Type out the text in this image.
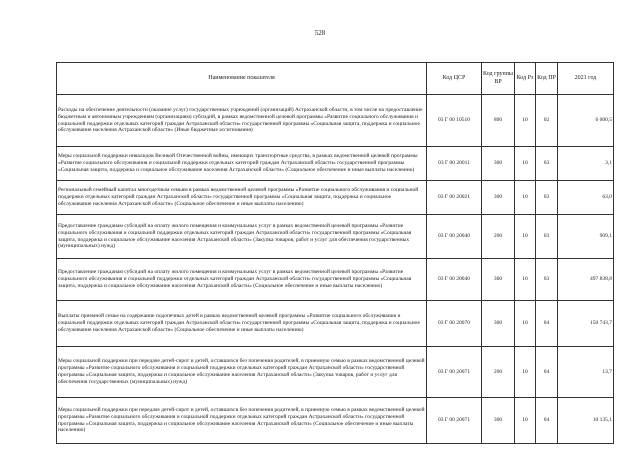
528
Наименование показателя	Код ЦСР	Код группы ВР	Код Рз	Код ПР	2021 год
Расходы на обеспечение деятельности (оказание услуг) государственных учреждений (организаций) Астраханской области, в том числе на предоставление бюджетным и автономным учреждениям (организациям) субсидий, в рамках ведомственной целевой программы «Развитие социального обслуживания и социальной поддержки отдельных категорий граждан Астраханской области» государственной программы «Социальная защита, поддержка и социальное обслуживание населения Астраханской области» (Иные бюджетные ассигнования)	03 Г 00 10510	800	10	02	6 000,5
Меры социальной поддержки инвалидов Великой Отечественной войны, имеющих транспортные средства, в рамках ведомственной целевой программы «Развитие социального обслуживания и социальной поддержки отдельных категорий граждан Астраханской области» государственной программы «Социальная защита, поддержка и социальное обслуживание населения Астраханской области» (Социальное обеспечение и иные выплаты населению)	03 Г 00 20011	300	10	03	3,1
Региональный семейный капитал многодетным семьям в рамках ведомственной целевой программы «Развитие социального обслуживания и социальной поддержки отдельных категорий граждан Астраханской области» государственной программы «Социальная защита, поддержка и социальное обслуживание населения Астраханской области» (Социальное обеспечение и иные выплаты населению)	03 Г 00 20021	300	10	03	63,0
Предоставление гражданам субсидий на оплату жилого помещения и коммунальных услуг в рамках ведомственной целевой программы «Развитие социального обслуживания и социальной поддержки отдельных категорий граждан Астраханской области» государственной программы «Социальная защита, поддержка и социальное обслуживание населения Астраханской области» (Закупка товаров, работ и услуг для обеспечения государственных (муниципальных) нужд)	03 Г 00 20040	200	10	03	909,1
Предоставление гражданам субсидий на оплату жилого помещения и коммунальных услуг в рамках ведомственной целевой программы «Развитие социального обслуживания и социальной поддержки отдельных категорий граждан Астраханской области» государственной программы «Социальная защита, поддержка и социальное обслуживание населения Астраханской области» (Социальное обеспечение и иные выплаты населению)	03 Г 00 20040	300	10	03	497 838,8
Выплаты приемной семье на содержание подопечных детей в рамках ведомственной целевой программы «Развитие социального обслуживания и социальной поддержки отдельных категорий граждан Астраханской области» государственной программы «Социальная защита, поддержка и социальное обслуживание населения Астраханской области» (Социальное обеспечение и иные выплаты населению)	03 Г 00 20070	300	10	04	150 743,7
Меры социальной поддержки при передаче детей-сирот и детей, оставшихся без попечения родителей, в приемную семью в рамках ведомственной целевой программы «Развитие социального обслуживания и социальной поддержки отдельных категорий граждан Астраханской области» государственной программы «Социальная защита, поддержка и социальное обслуживание населения Астраханской области» (Закупка товаров, работ и услуг для обеспечения государственных (муниципальных) нужд)	03 Г 00 20071	200	10	04	13,7
Меры социальной поддержки при передаче детей-сирот и детей, оставшихся без попечения родителей, в приемную семью в рамках ведомственной целевой программы «Развитие социального обслуживания и социальной поддержки отдельных категорий граждан Астраханской области» государственной программы «Социальная защита, поддержка и социальное обслуживание населения Астраханской области» (Социальное обеспечение и иные выплаты населению)	03 Г 00 20071	300	10	04	10 135,1
